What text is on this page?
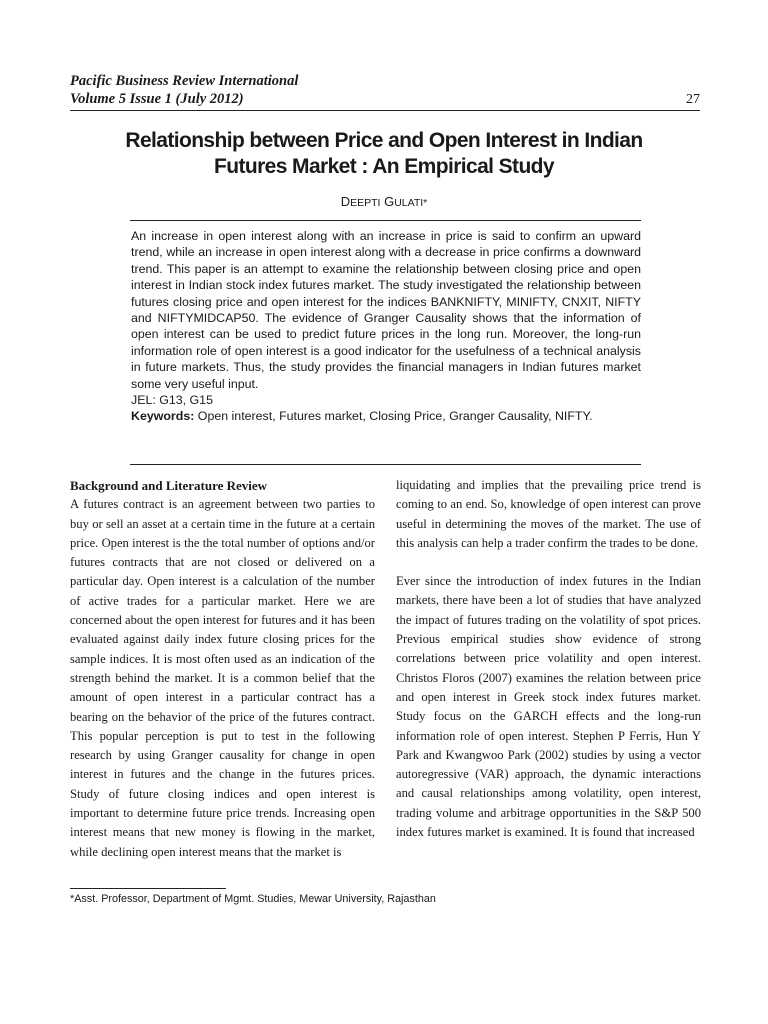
Pacific Business Review International
Volume 5 Issue 1 (July 2012)	27
Relationship between Price and Open Interest in Indian
Futures Market : An Empirical Study
DEEPTI GULATI*

An increase in open interest along with an increase in price is said to confirm an upward trend, while an increase in open interest along with a decrease in price confirms a downward trend. This paper is an attempt to examine the relationship between closing price and open interest in Indian stock index futures market. The study investigated the relationship between futures closing price and open interest for the indices BANKNIFTY, MINIFTY, CNXIT, NIFTY and NIFTYMIDCAP50. The evidence of Granger Causality shows that the information of open interest can be used to predict future prices in the long run. Moreover, the long-run information role of open interest is a good indicator for the usefulness of a technical analysis in future markets. Thus, the study provides the financial managers in Indian futures market some very useful input.

JEL: G13, G15

Keywords: Open interest, Futures market, Closing Price, Granger Causality, NIFTY.

Background and Literature Review

A futures contract is an agreement between two parties to buy or sell an asset at a certain time in the future at a certain price. Open interest is the the total number of options and/or futures contracts that are not closed or delivered on a particular day. Open interest is a calculation of the number of active trades for a particular market. Here we are concerned about the open interest for futures and it has been evaluated against daily index future closing prices for the sample indices. It is most often used as an indication of the strength behind the market. It is a common belief that the amount of open interest in a particular contract has a bearing on the behavior of the price of the futures contract. This popular perception is put to test in the following research by using Granger causality for change in open interest in futures and the change in the futures prices. Study of future closing indices and open interest is important to determine future price trends. Increasing open interest means that new money is flowing in the market, while declining open interest means that the market is

liquidating and implies that the prevailing price trend is coming to an end. So, knowledge of open interest can prove useful in determining the moves of the market. The use of this analysis can help a trader confirm the trades to be done.

Ever since the introduction of index futures in the Indian markets, there have been a lot of studies that have analyzed the impact of futures trading on the volatility of spot prices. Previous empirical studies show evidence of strong correlations between price volatility and open interest. Christos Floros (2007) examines the relation between price and open interest in Greek stock index futures market. Study focus on the GARCH effects and the long-run information role of open interest. Stephen P Ferris, Hun Y Park and Kwangwoo Park (2002) studies by using a vector autoregressive (VAR) approach, the dynamic interactions and causal relationships among volatility, open interest, trading volume and arbitrage opportunities in the S&P 500 index futures market is examined. It is found that increased

*Asst. Professor, Department of Mgmt. Studies, Mewar University, Rajasthan
